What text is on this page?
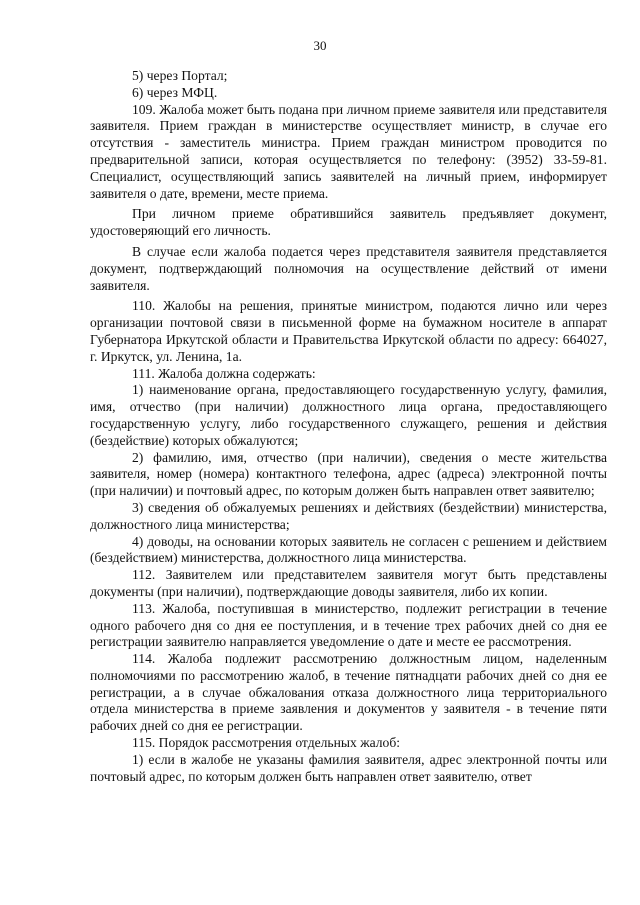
30

5) через Портал;

6) через МФЦ.

109. Жалоба может быть подана при личном приеме заявителя или представителя заявителя. Прием граждан в министерстве осуществляет министр, в случае его отсутствия - заместитель министра. Прием граждан министром проводится по предварительной записи, которая осуществляется по телефону: (3952) 33-59-81. Специалист, осуществляющий запись заявителей на личный прием, информирует заявителя о дате, времени, месте приема.

При личном приеме обратившийся заявитель предъявляет документ, удостоверяющий его личность.

В случае если жалоба подается через представителя заявителя представляется документ, подтверждающий полномочия на осуществление действий от имени заявителя.

110. Жалобы на решения, принятые министром, подаются лично или через организации почтовой связи в письменной форме на бумажном носителе в аппарат Губернатора Иркутской области и Правительства Иркутской области по адресу: 664027, г. Иркутск, ул. Ленина, 1а.

111. Жалоба должна содержать:

1) наименование органа, предоставляющего государственную услугу, фамилия, имя, отчество (при наличии) должностного лица органа, предоставляющего государственную услугу, либо государственного служащего, решения и действия (бездействие) которых обжалуются;

2) фамилию, имя, отчество (при наличии), сведения о месте жительства заявителя, номер (номера) контактного телефона, адрес (адреса) электронной почты (при наличии) и почтовый адрес, по которым должен быть направлен ответ заявителю;

3) сведения об обжалуемых решениях и действиях (бездействии) министерства, должностного лица министерства;

4) доводы, на основании которых заявитель не согласен с решением и действием (бездействием) министерства, должностного лица министерства.

112. Заявителем или представителем заявителя могут быть представлены документы (при наличии), подтверждающие доводы заявителя, либо их копии.

113. Жалоба, поступившая в министерство, подлежит регистрации в течение одного рабочего дня со дня ее поступления, и в течение трех рабочих дней со дня ее регистрации заявителю направляется уведомление о дате и месте ее рассмотрения.

114. Жалоба подлежит рассмотрению должностным лицом, наделенным полномочиями по рассмотрению жалоб, в течение пятнадцати рабочих дней со дня ее регистрации, а в случае обжалования отказа должностного лица территориального отдела министерства в приеме заявления и документов у заявителя - в течение пяти рабочих дней со дня ее регистрации.

115. Порядок рассмотрения отдельных жалоб:

1) если в жалобе не указаны фамилия заявителя, адрес электронной почты или почтовый адрес, по которым должен быть направлен ответ заявителю, ответ
